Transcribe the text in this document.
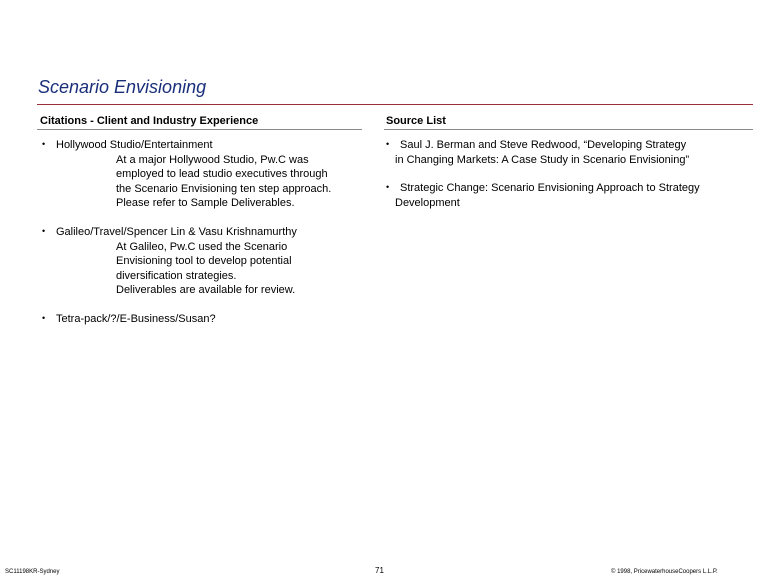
Scenario Envisioning
Citations - Client and Industry Experience	Source List
• Hollywood Studio/Entertainment
At a major Hollywood Studio, Pw.C was
employed to lead studio executives through
the Scenario Envisioning ten step approach.
Please refer to Sample Deliverables.
• Galileo/Travel/Spencer Lin & Vasu Krishnamurthy
At Galileo, Pw.C used the Scenario
Envisioning tool to develop potential
diversification strategies.
Deliverables are available for review.
• Tetra-pack/?/E-Business/Susan?
• Saul J. Berman and Steve Redwood, “Developing Strategy
in Changing Markets: A Case Study in Scenario Envisioning”
• Strategic Change: Scenario Envisioning Approach to Strategy
Development
SC11198KR-Sydney	71	© 1998, PricewaterhouseCoopers L.L.P.
